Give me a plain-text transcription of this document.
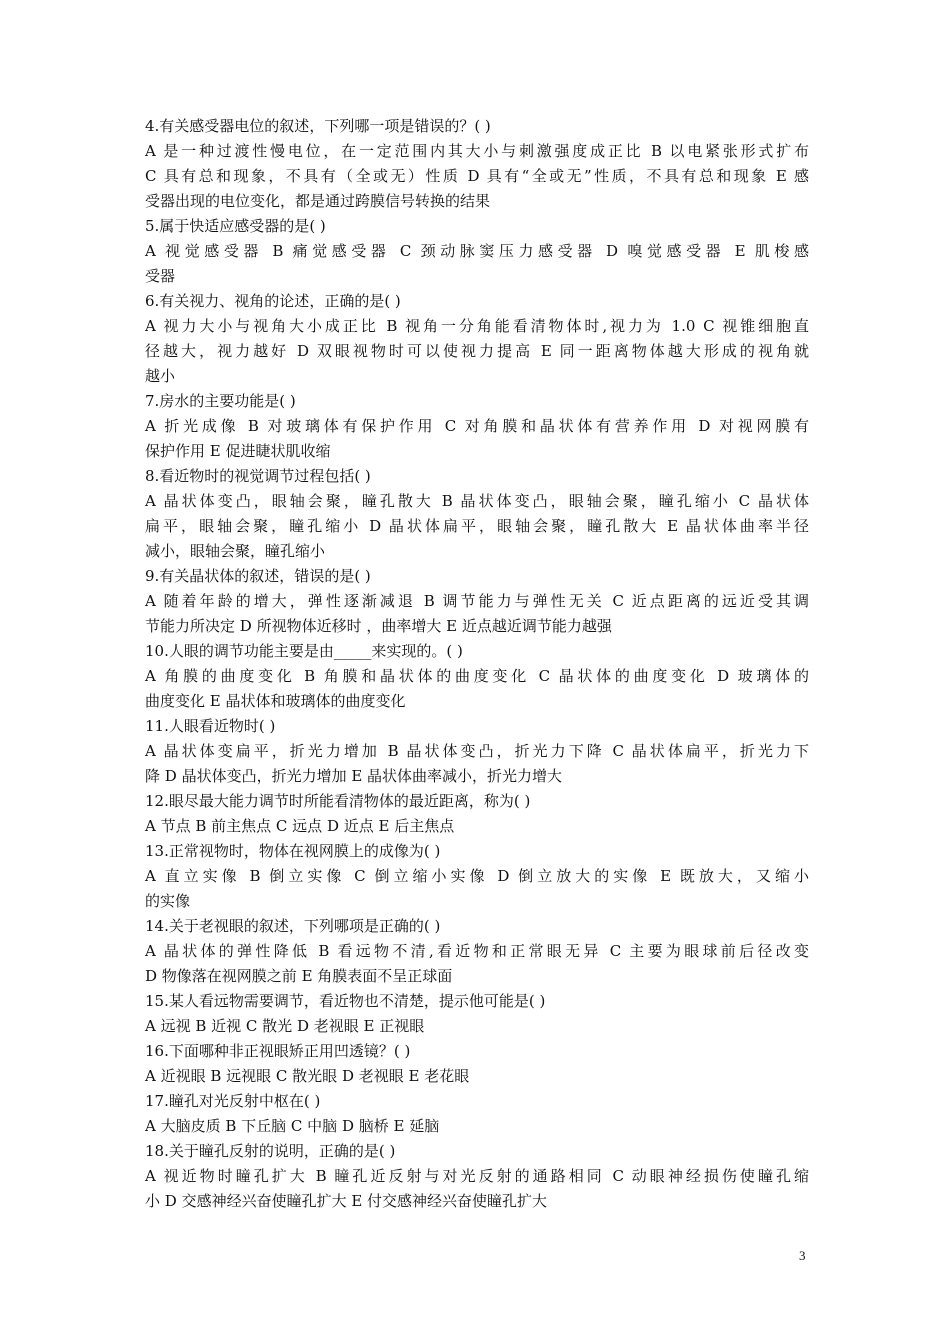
4.有关感受器电位的叙述，下列哪一项是错误的？( )
A 是一种过渡性慢电位，在一定范围内其大小与刺激强度成正比 B 以电紧张形式扩布
C 具有总和现象，不具有（全或无）性质 D 具有“全或无”性质，不具有总和现象 E 感
受器出现的电位变化，都是通过跨膜信号转换的结果
5.属于快适应感受器的是( )
A 视觉感受器 B 痛觉感受器 C 颈动脉窦压力感受器 D 嗅觉感受器 E 肌梭感
受器
6.有关视力、视角的论述，正确的是( )
A 视力大小与视角大小成正比 B 视角一分角能看清物体时,视力为 1.0 C 视锥细胞直
径越大，视力越好 D 双眼视物时可以使视力提高 E 同一距离物体越大形成的视角就
越小
7.房水的主要功能是( )
A 折光成像 B 对玻璃体有保护作用 C 对角膜和晶状体有营养作用 D 对视网膜有
保护作用 E 促进睫状肌收缩
8.看近物时的视觉调节过程包括( )
A 晶状体变凸，眼轴会聚，瞳孔散大 B 晶状体变凸，眼轴会聚，瞳孔缩小 C 晶状体
扁平，眼轴会聚，瞳孔缩小 D 晶状体扁平，眼轴会聚，瞳孔散大 E 晶状体曲率半径
减小，眼轴会聚，瞳孔缩小
9.有关晶状体的叙述，错误的是( )
A 随着年龄的增大，弹性逐渐减退 B 调节能力与弹性无关 C 近点距离的远近受其调
节能力所决定 D 所视物体近移时 ，曲率增大 E 近点越近调节能力越强
10.人眼的调节功能主要是由_____来实现的。( )
A 角膜的曲度变化 B 角膜和晶状体的曲度变化 C 晶状体的曲度变化 D 玻璃体的
曲度变化 E 晶状体和玻璃体的曲度变化
11.人眼看近物时( )
A 晶状体变扁平，折光力增加 B 晶状体变凸，折光力下降 C 晶状体扁平，折光力下
降 D 晶状体变凸，折光力增加 E 晶状体曲率减小，折光力增大
12.眼尽最大能力调节时所能看清物体的最近距离，称为( )
A 节点 B 前主焦点 C 远点 D 近点 E 后主焦点
13.正常视物时，物体在视网膜上的成像为( )
A 直立实像 B 倒立实像 C 倒立缩小实像 D 倒立放大的实像 E 既放大，又缩小
的实像
14.关于老视眼的叙述，下列哪项是正确的( )
A 晶状体的弹性降低 B 看远物不清,看近物和正常眼无异 C 主要为眼球前后径改变
D 物像落在视网膜之前 E 角膜表面不呈正球面
15.某人看远物需要调节，看近物也不清楚，提示他可能是( )
A 远视 B 近视 C 散光 D 老视眼 E 正视眼
16.下面哪种非正视眼矫正用凹透镜？( )
A 近视眼 B 远视眼 C 散光眼 D 老视眼 E 老花眼
17.瞳孔对光反射中枢在( )
A 大脑皮质 B 下丘脑 C 中脑 D 脑桥 E 延脑
18.关于瞳孔反射的说明，正确的是( )
A 视近物时瞳孔扩大 B 瞳孔近反射与对光反射的通路相同 C 动眼神经损伤使瞳孔缩
小 D 交感神经兴奋使瞳孔扩大 E 付交感神经兴奋使瞳孔扩大
3
